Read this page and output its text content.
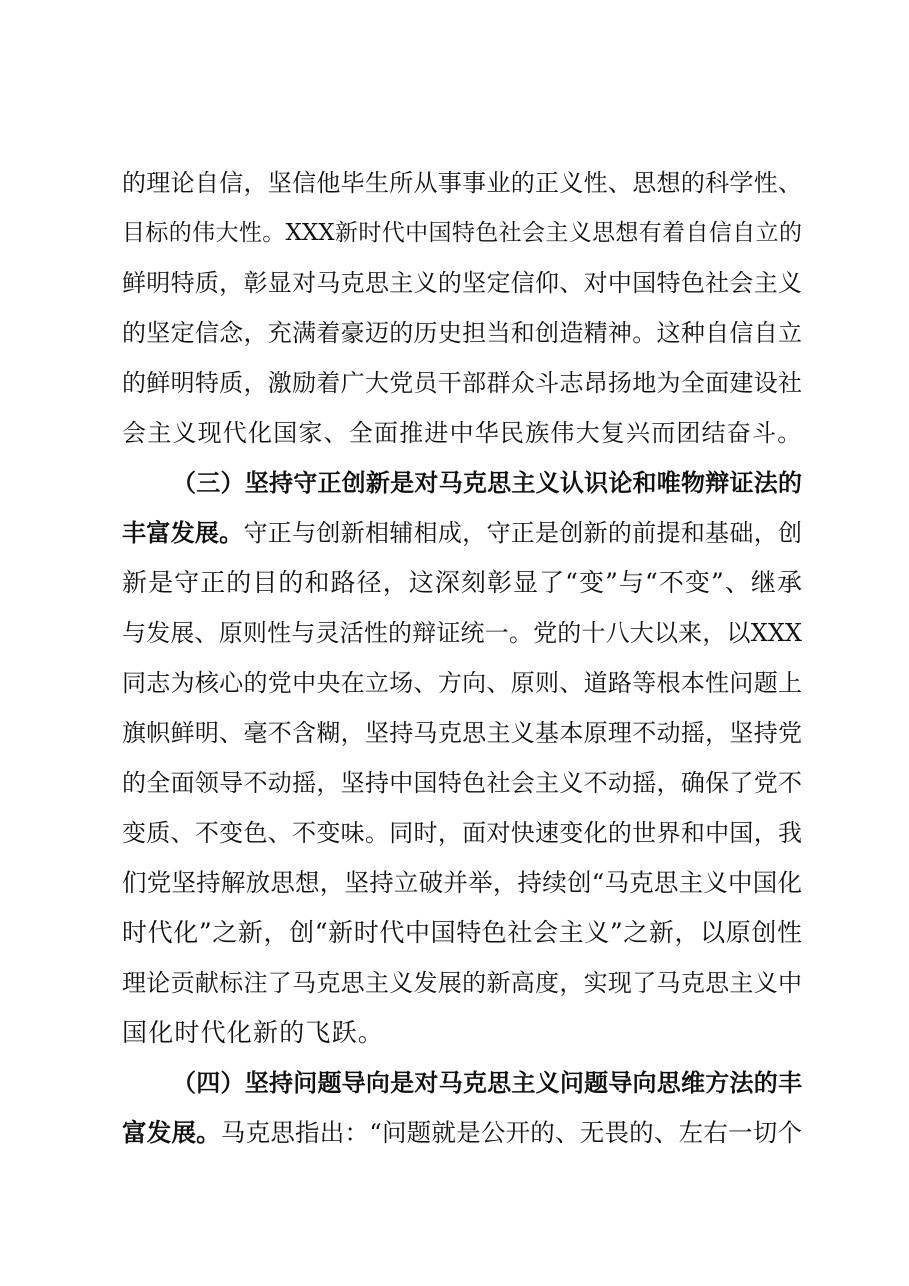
的理论自信，坚信他毕生所从事事业的正义性、思想的科学性、
目标的伟大性。XXX新时代中国特色社会主义思想有着自信自立的
鲜明特质，彰显对马克思主义的坚定信仰、对中国特色社会主义
的坚定信念，充满着豪迈的历史担当和创造精神。这种自信自立
的鲜明特质，激励着广大党员干部群众斗志昂扬地为全面建设社
会主义现代化国家、全面推进中华民族伟大复兴而团结奋斗。
（三）坚持守正创新是对马克思主义认识论和唯物辩证法的
丰富发展。守正与创新相辅相成，守正是创新的前提和基础，创
新是守正的目的和路径，这深刻彰显了“变”与“不变”、继承
与发展、原则性与灵活性的辩证统一。党的十八大以来，以XXX
同志为核心的党中央在立场、方向、原则、道路等根本性问题上
旗帜鲜明、毫不含糊，坚持马克思主义基本原理不动摇，坚持党
的全面领导不动摇，坚持中国特色社会主义不动摇，确保了党不
变质、不变色、不变味。同时，面对快速变化的世界和中国，我
们党坚持解放思想，坚持立破并举，持续创“马克思主义中国化
时代化”之新，创“新时代中国特色社会主义”之新，以原创性
理论贡献标注了马克思主义发展的新高度，实现了马克思主义中
国化时代化新的飞跃。
（四）坚持问题导向是对马克思主义问题导向思维方法的丰
富发展。马克思指出：“问题就是公开的、无畏的、左右一切个
